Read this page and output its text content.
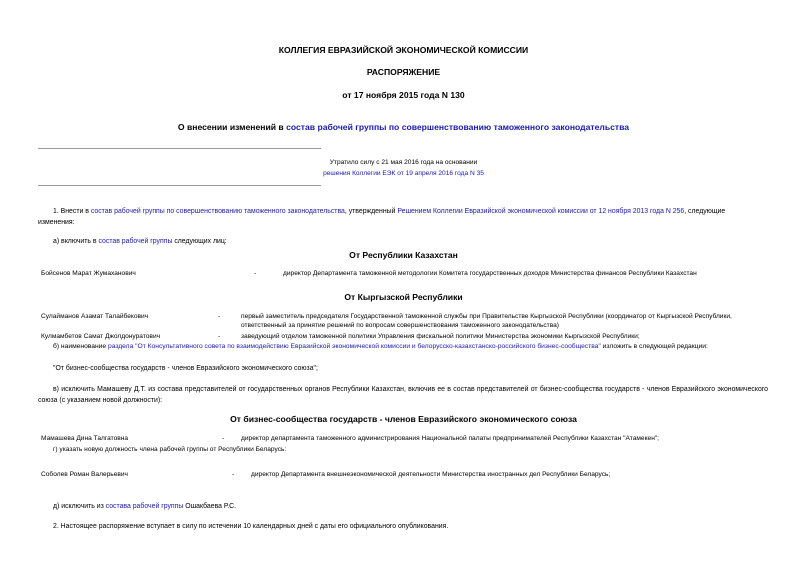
КОЛЛЕГИЯ ЕВРАЗИЙСКОЙ ЭКОНОМИЧЕСКОЙ КОМИССИИ
РАСПОРЯЖЕНИЕ
от 17 ноября 2015 года N 130
О внесении изменений в состав рабочей группы по совершенствованию таможенного законодательства
Утратило силу с 21 мая 2016 года на основании
решения Коллегии ЕЭК от 19 апреля 2016 года N 35
1. Внести в состав рабочей группы по совершенствованию таможенного законодательства, утвержденный Решением Коллегии Евразийской экономической комиссии от 12 ноября 2013 года N 256, следующие
изменения:
а) включить в состав рабочей группы следующих лиц:
От Республики Казахстан
Бойсенов Марат Жумаханович	-	директор Департамента таможенной методологии Комитета государственных доходов Министерства финансов Республики Казахстан
От Кыргызской Республики
Сулайманов Азамат Талайбекович	-	первый заместитель председателя Государственной таможенной службы при Правительстве Кыргызской Республики (координатор от Кыргызской Республики,
ответственный за принятие решений по вопросам совершенствования таможенного законодательства)
Кулмамбетов Самат Джолдонуратович	-	заведующий отделом таможенной политики Управления фискальной политики Министерства экономики Кыргызской Республики;
б) наименование раздела "От Консультативного совета по взаимодействию Евразийской экономической комиссии и белорусско-казахстанско-российского бизнес-сообщества" изложить в следующей редакции:
"От бизнес-сообщества государств - членов Евразийского экономического союза";
в) исключить Мамашеву Д.Т. из состава представителей от государственных органов Республики Казахстан, включив ее в состав представителей от бизнес-сообщества государств - членов Евразийского экономического союза (с указанием новой должности):
От бизнес-сообщества государств - членов Евразийского экономического союза
Мамашева Дина Талгатовна	-	директор департамента таможенного администрирования Национальной палаты предпринимателей Республики Казахстан "Атамекен";
г) указать новую должность члена рабочей группы от Республики Беларусь:
Соболев Роман Валерьевич	-	директор Департамента внешнеэкономической деятельности Министерства иностранных дел Республики Беларусь;
д) исключить из состава рабочей группы Ошакбаева Р.С.
2. Настоящее распоряжение вступает в силу по истечении 10 календарных дней с даты его официального опубликования.
